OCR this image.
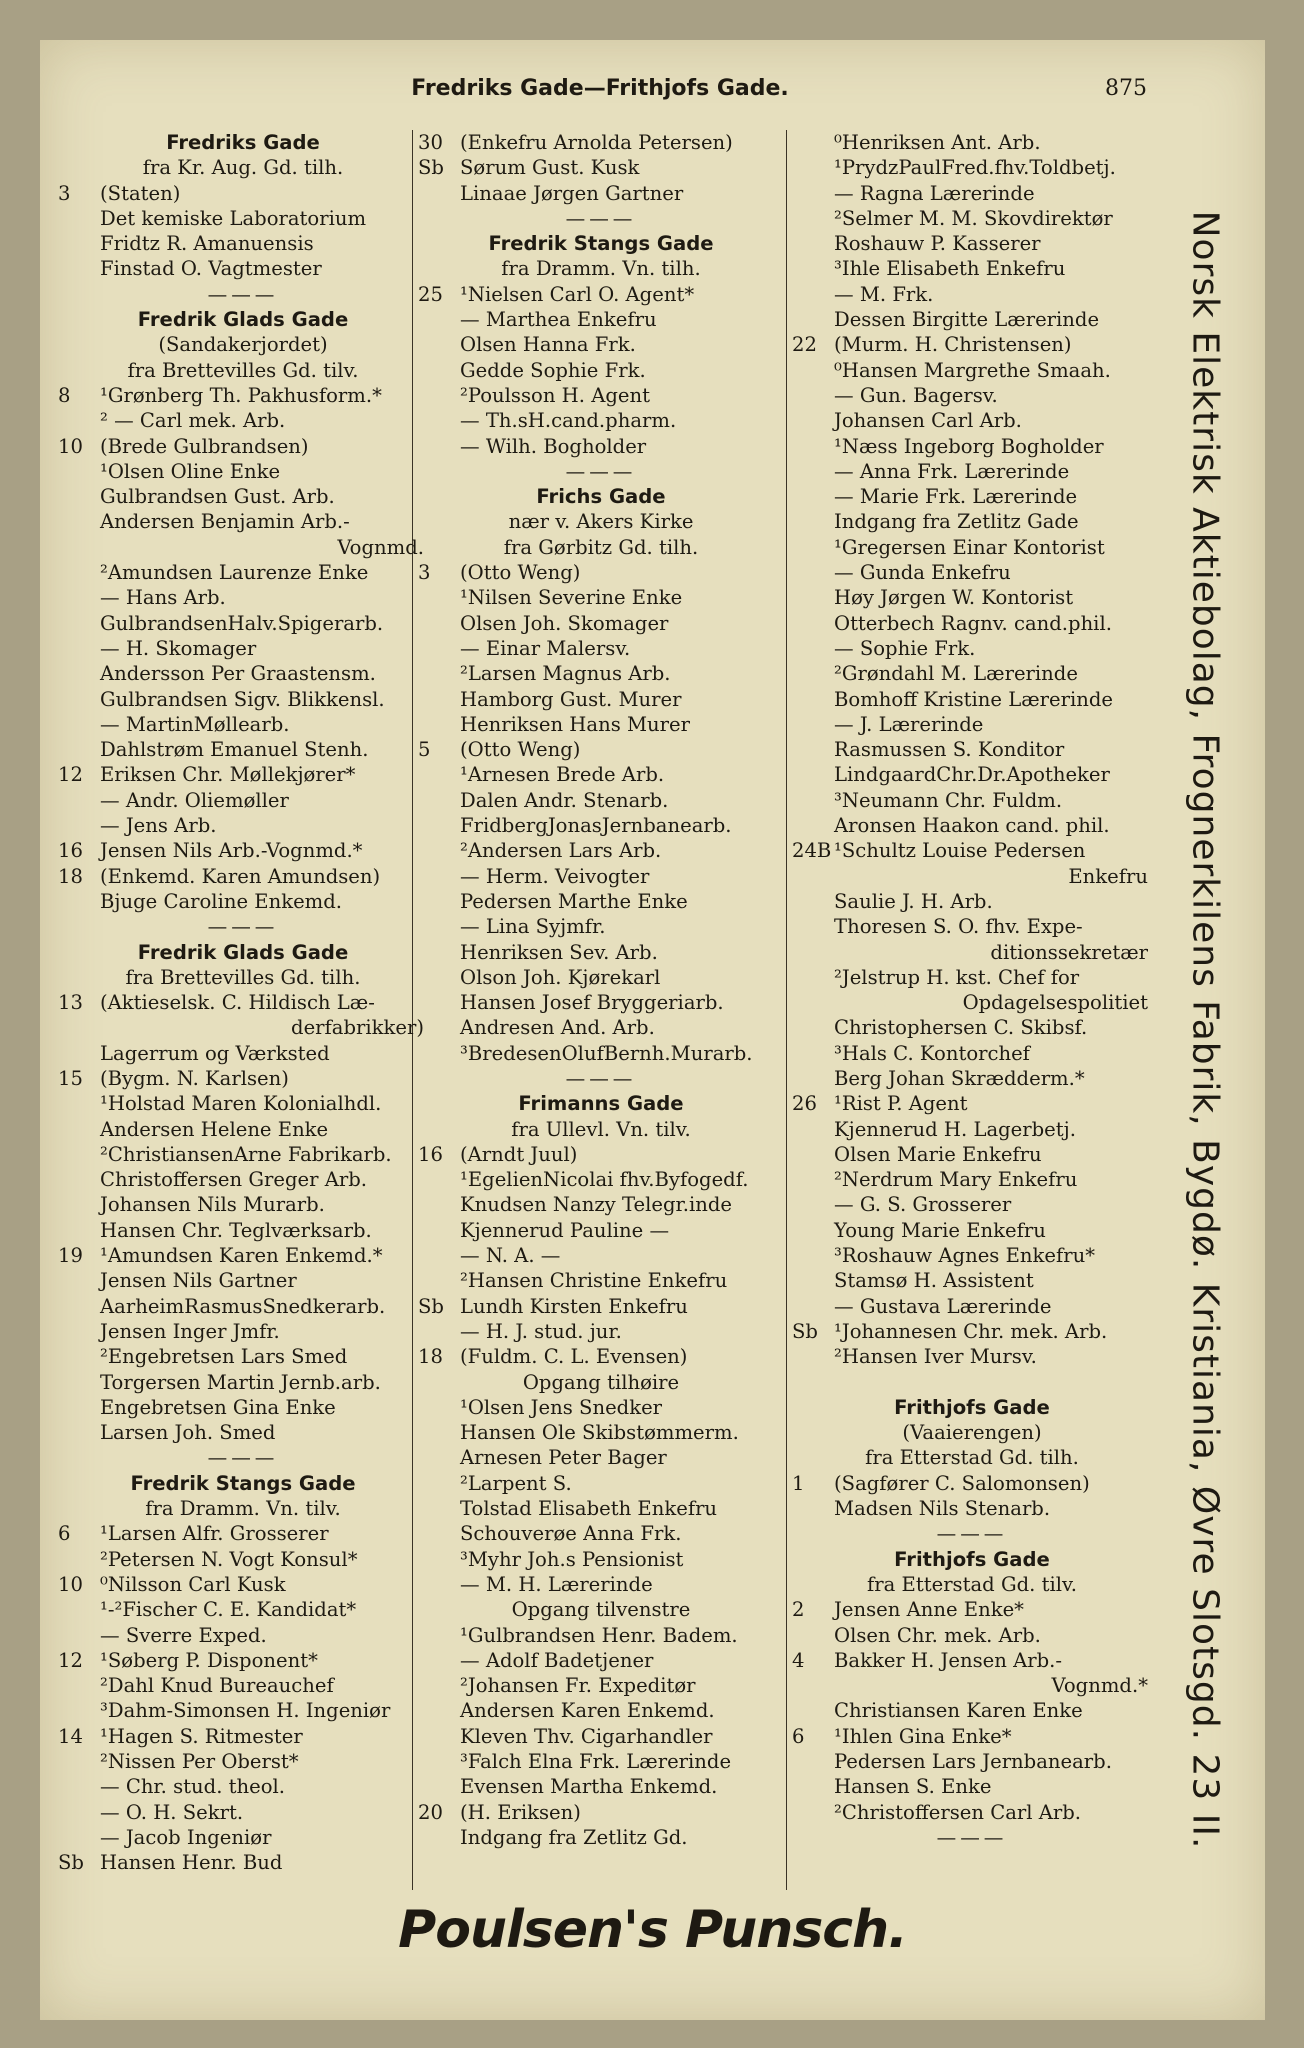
Fredriks Gade—Frithjofs Gade.	875
Fredriks Gade
fra Kr. Aug. Gd. tilh.
3	(Staten)
Det kemiske Laboratorium
Fridtz R. Amanuensis
Finstad O. Vagtmester
———
Fredrik Glads Gade
(Sandakerjordet)
fra Brettevilles Gd. tilv.
8	¹Grønberg Th. Pakhusform.*
² — Carl mek. Arb.
10 (Brede Gulbrandsen)
¹Olsen Oline Enke
Gulbrandsen Gust. Arb.
Andersen Benjamin Arb.-
Vognmd.
²Amundsen Laurenze Enke
— Hans Arb.
GulbrandsenHalv.Spigerarb.
— H. Skomager
Andersson Per Graastensm.
Gulbrandsen Sigv. Blikkensl.
— MartinMøllearb.
Dahlstrøm Emanuel Stenh.
12 Eriksen Chr. Møllekjører*
— Andr. Oliemøller
— Jens Arb.
16 Jensen Nils Arb.-Vognmd.*
18 (Enkemd. Karen Amundsen)
Bjuge Caroline Enkemd.
———
Fredrik Glads Gade
fra Brettevilles Gd. tilh.
13 (Aktieselsk. C. Hildisch Læ-
derfabrikker)
Lagerrum og Værksted
15 (Bygm. N. Karlsen)
¹Holstad Maren Kolonialhdl.
Andersen Helene Enke
²ChristiansenArne Fabrikarb.
Christoffersen Greger Arb.
Johansen Nils Murarb.
Hansen Chr. Teglværksarb.
19 ¹Amundsen Karen Enkemd.*
Jensen Nils Gartner
AarheimRasmusSnedkerarb.
Jensen Inger Jmfr.
²Engebretsen Lars Smed
Torgersen Martin Jernb.arb.
Engebretsen Gina Enke
Larsen Joh. Smed
———
Fredrik Stangs Gade
fra Dramm. Vn. tilv.
6	¹Larsen Alfr. Grosserer
²Petersen N. Vogt Konsul*
10 ⁰Nilsson Carl Kusk
¹-²Fischer C. E. Kandidat*
— Sverre Exped.
12 ¹Søberg P. Disponent*
²Dahl Knud Bureauchef
³Dahm-Simonsen H. Ingeniør
14 ¹Hagen S. Ritmester
²Nissen Per Oberst*
— Chr. stud. theol.
— O. H. Sekrt.
— Jacob Ingeniør
Sb Hansen Henr. Bud
30 (Enkefru Arnolda Petersen)
Sb Sørum Gust. Kusk
Linaae Jørgen Gartner
———
Fredrik Stangs Gade
fra Dramm. Vn. tilh.
25 ¹Nielsen Carl O. Agent*
— Marthea Enkefru
Olsen Hanna Frk.
Gedde Sophie Frk.
²Poulsson H. Agent
— Th.sH.cand.pharm.
— Wilh. Bogholder
———
Frichs Gade
nær v. Akers Kirke
fra Gørbitz Gd. tilh.
3	(Otto Weng)
¹Nilsen Severine Enke
Olsen Joh. Skomager
— Einar Malersv.
²Larsen Magnus Arb.
Hamborg Gust. Murer
Henriksen Hans Murer
5	(Otto Weng)
¹Arnesen Brede Arb.
Dalen Andr. Stenarb.
FridbergJonasJernbanearb.
²Andersen Lars Arb.
— Herm. Veivogter
Pedersen Marthe Enke
— Lina Syjmfr.
Henriksen Sev. Arb.
Olson Joh. Kjørekarl
Hansen Josef Bryggeriarb.
Andresen And. Arb.
³BredesenOlufBernh.Murarb.
———
Frimanns Gade
fra Ullevl. Vn. tilv.
16 (Arndt Juul)
¹EgelienNicolai fhv.Byfogedf.
Knudsen Nanzy Telegr.inde
Kjennerud Pauline —
— N. A. —
²Hansen Christine Enkefru
Sb Lundh Kirsten Enkefru
— H. J. stud. jur.
18 (Fuldm. C. L. Evensen)
Opgang tilhøire
¹Olsen Jens Snedker
Hansen Ole Skibstømmerm.
Arnesen Peter Bager
²Larpent S.
Tolstad Elisabeth Enkefru
Schouverøe Anna Frk.
³Myhr Joh.s Pensionist
— M. H. Lærerinde
Opgang tilvenstre
¹Gulbrandsen Henr. Badem.
— Adolf Badetjener
²Johansen Fr. Expeditør
Andersen Karen Enkemd.
Kleven Thv. Cigarhandler
³Falch Elna Frk. Lærerinde
Evensen Martha Enkemd.
20 (H. Eriksen)
Indgang fra Zetlitz Gd.
⁰Henriksen Ant. Arb.
¹PrydzPaulFred.fhv.Toldbetj.
— Ragna Lærerinde
²Selmer M. M. Skovdirektør
Roshauw P. Kasserer
³Ihle Elisabeth Enkefru
— M. Frk.
Dessen Birgitte Lærerinde
22 (Murm. H. Christensen)
⁰Hansen Margrethe Smaah.
— Gun. Bagersv.
Johansen Carl Arb.
¹Næss Ingeborg Bogholder
— Anna Frk. Lærerinde
— Marie Frk. Lærerinde
Indgang fra Zetlitz Gade
¹Gregersen Einar Kontorist
— Gunda Enkefru
Høy Jørgen W. Kontorist
Otterbech Ragnv. cand.phil.
— Sophie Frk.
²Grøndahl M. Lærerinde
Bomhoff Kristine Lærerinde
— J. Lærerinde
Rasmussen S. Konditor
LindgaardChr.Dr.Apotheker
³Neumann Chr. Fuldm.
Aronsen Haakon cand. phil.
24B ¹Schultz Louise Pedersen
Enkefru
Saulie J. H. Arb.
Thoresen S. O. fhv. Expe-
ditionssekretær
²Jelstrup H. kst. Chef for
Opdagelsespolitiet
Christophersen C. Skibsf.
³Hals C. Kontorchef
Berg Johan Skrædderm.*
26 ¹Rist P. Agent
Kjennerud H. Lagerbetj.
Olsen Marie Enkefru
²Nerdrum Mary Enkefru
— G. S. Grosserer
Young Marie Enkefru
³Roshauw Agnes Enkefru*
Stamsø H. Assistent
— Gustava Lærerinde
Sb ¹Johannesen Chr. mek. Arb.
²Hansen Iver Mursv.
Frithjofs Gade
(Vaaierengen)
fra Etterstad Gd. tilh.
1	(Sagfører C. Salomonsen)
Madsen Nils Stenarb.
———
Frithjofs Gade
fra Etterstad Gd. tilv.
2	Jensen Anne Enke*
Olsen Chr. mek. Arb.
4	Bakker H. Jensen Arb.-
Vognmd.*
Christiansen Karen Enke
6	¹Ihlen Gina Enke*
Pedersen Lars Jernbanearb.
Hansen S. Enke
²Christoffersen Carl Arb.
———	Norsk Elektrisk Aktiebolag, Frognerkilens Fabrik, Bygdø. Kristiania, Øvre Slotsgd. 23 II.
Poulsen's Punsch.
